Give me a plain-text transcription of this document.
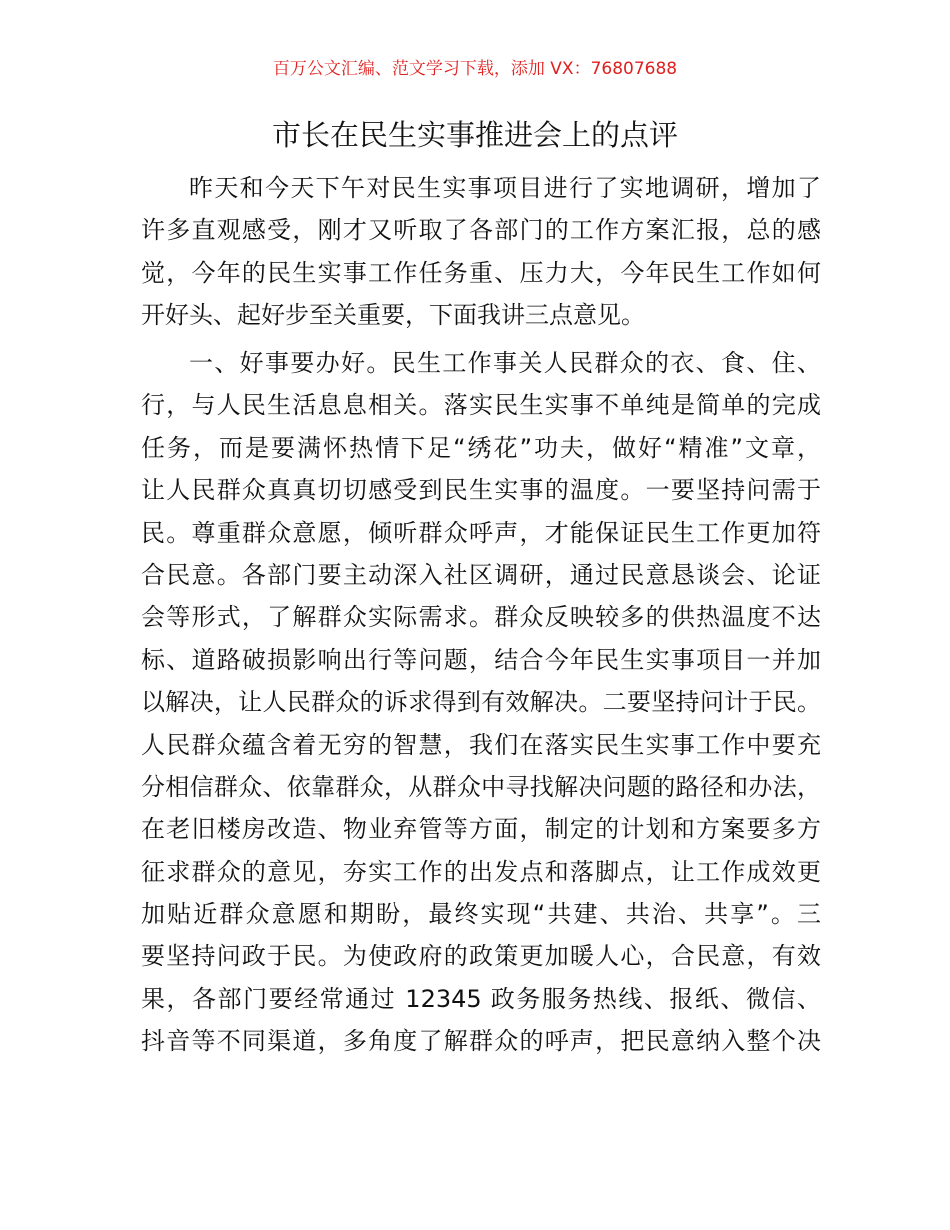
百万公文汇编、范文学习下载，添加 VX：76807688
市长在民生实事推进会上的点评
昨天和今天下午对民生实事项目进行了实地调研，增加了
许多直观感受，刚才又听取了各部门的工作方案汇报，总的感
觉，今年的民生实事工作任务重、压力大，今年民生工作如何
开好头、起好步至关重要，下面我讲三点意见。
一、好事要办好。民生工作事关人民群众的衣、食、住、
行，与人民生活息息相关。落实民生实事不单纯是简单的完成
任务，而是要满怀热情下足“绣花”功夫，做好“精准”文章，
让人民群众真真切切感受到民生实事的温度。一要坚持问需于
民。尊重群众意愿，倾听群众呼声，才能保证民生工作更加符
合民意。各部门要主动深入社区调研，通过民意恳谈会、论证
会等形式，了解群众实际需求。群众反映较多的供热温度不达
标、道路破损影响出行等问题，结合今年民生实事项目一并加
以解决，让人民群众的诉求得到有效解决。二要坚持问计于民。
人民群众蕴含着无穷的智慧，我们在落实民生实事工作中要充
分相信群众、依靠群众，从群众中寻找解决问题的路径和办法，
在老旧楼房改造、物业弃管等方面，制定的计划和方案要多方
征求群众的意见，夯实工作的出发点和落脚点，让工作成效更
加贴近群众意愿和期盼，最终实现“共建、共治、共享”。三
要坚持问政于民。为使政府的政策更加暖人心，合民意，有效
果，各部门要经常通过 12345 政务服务热线、报纸、微信、
抖音等不同渠道，多角度了解群众的呼声，把民意纳入整个决
